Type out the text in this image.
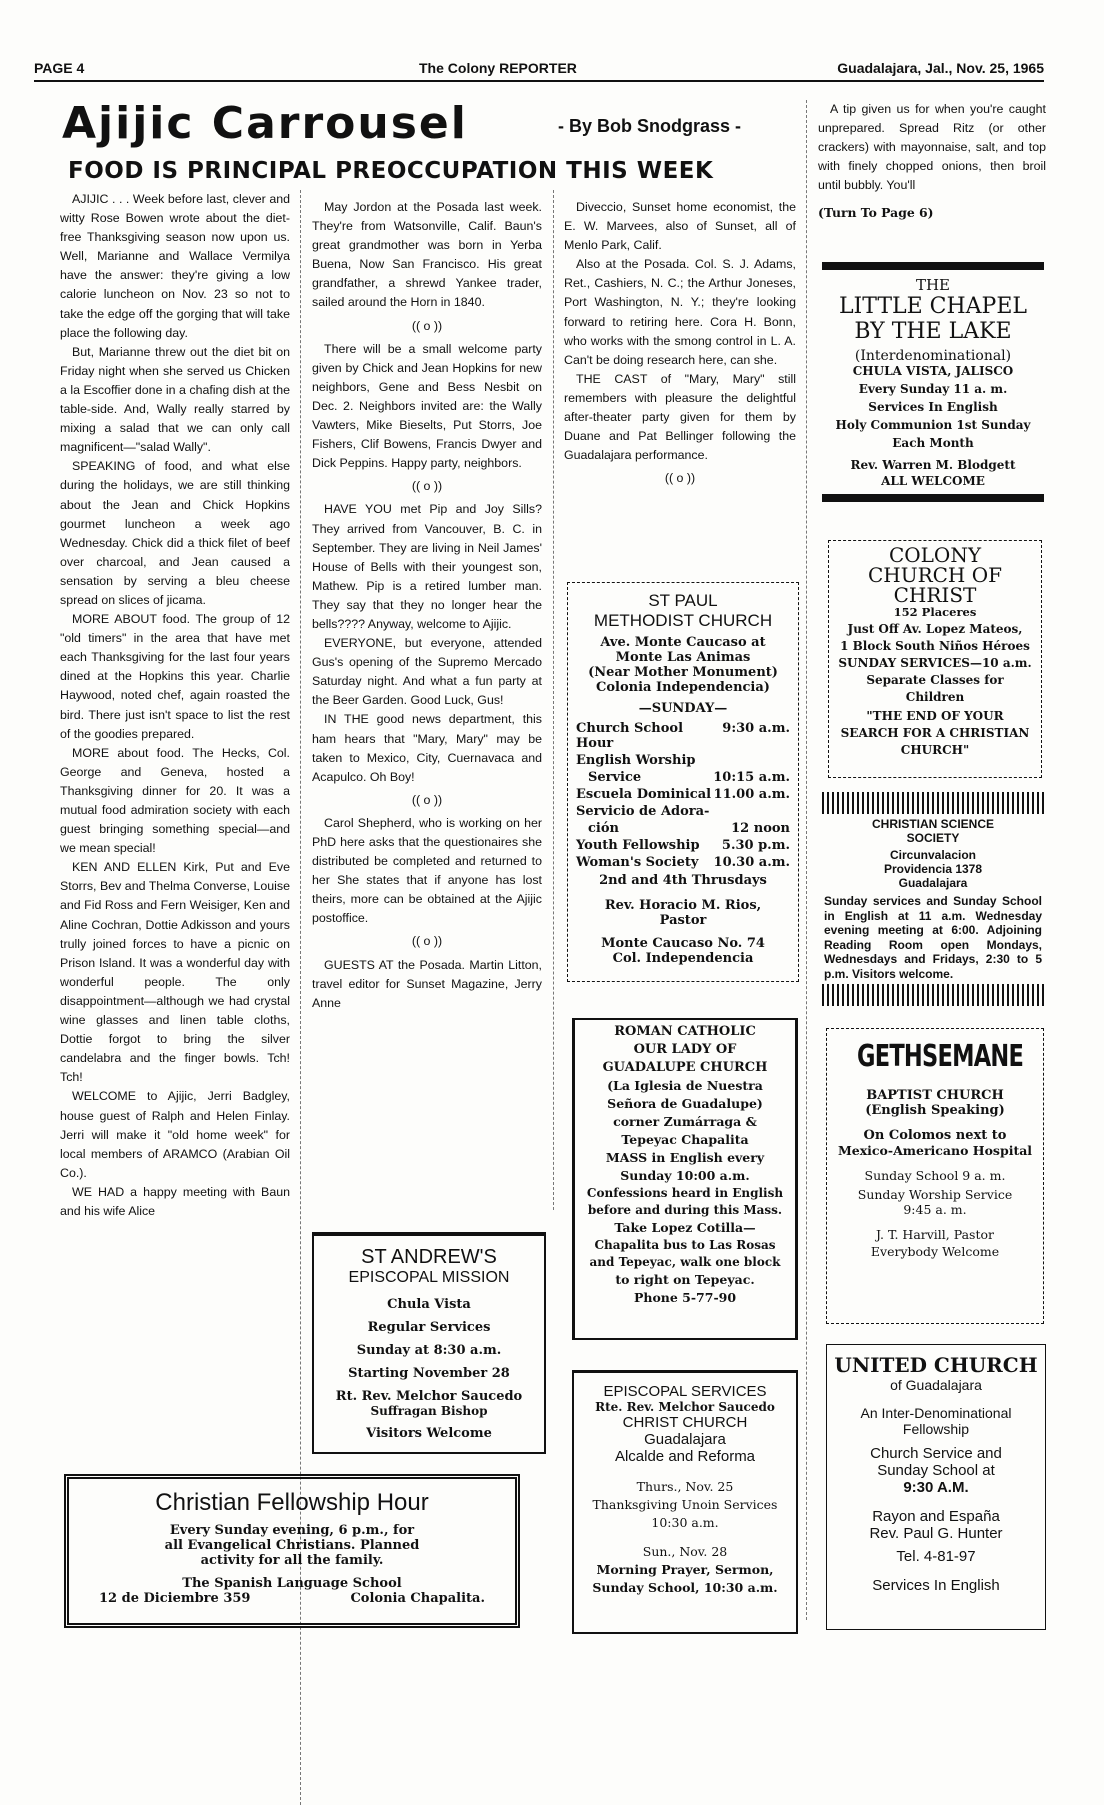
PAGE 4	The Colony REPORTER	Guadalajara, Jal., Nov. 25, 1965
Ajijic Carrousel	- By Bob Snodgrass -
FOOD IS PRINCIPAL PREOCCUPATION THIS WEEK

AJIJIC . . . Week before last, clever and witty Rose Bowen wrote about the diet-free Thanksgiving season now upon us. Well, Marianne and Wallace Vermilya have the answer: they're giving a low calorie luncheon on Nov. 23 so not to take the edge off the gorging that will take place the following day.

But, Marianne threw out the diet bit on Friday night when she served us Chicken a la Escoffier done in a chafing dish at the table-side. And, Wally really starred by mixing a salad that we can only call magnificent—"salad Wally".

SPEAKING of food, and what else during the holidays, we are still thinking about the Jean and Chick Hopkins gourmet luncheon a week ago Wednesday. Chick did a thick filet of beef over charcoal, and Jean caused a sensation by serving a bleu cheese spread on slices of jicama.

MORE ABOUT food. The group of 12 "old timers" in the area that have met each Thanksgiving for the last four years dined at the Hopkins this year. Charlie Haywood, noted chef, again roasted the bird. There just isn't space to list the rest of the goodies prepared.

MORE about food. The Hecks, Col. George and Geneva, hosted a Thanksgiving dinner for 20. It was a mutual food admiration society with each guest bringing something special—and we mean special!

KEN AND ELLEN Kirk, Put and Eve Storrs, Bev and Thelma Converse, Louise and Fid Ross and Fern Weisiger, Ken and Aline Cochran, Dottie Adkisson and yours trully joined forces to have a picnic on Prison Island. It was a wonderful day with wonderful people. The only disappointment—although we had crystal wine glasses and linen table cloths, Dottie forgot to bring the silver candelabra and the finger bowls. Tch! Tch!

WELCOME to Ajijic, Jerri Badgley, house guest of Ralph and Helen Finlay. Jerri will make it "old home week" for local members of ARAMCO (Arabian Oil Co.).

WE HAD a happy meeting with Baun and his wife Alice

May Jordon at the Posada last week. They're from Watsonville, Calif. Baun's great grandmother was born in Yerba Buena, Now San Francisco. His great grandfather, a shrewd Yankee trader, sailed around the Horn in 1840.

(( o ))

There will be a small welcome party given by Chick and Jean Hopkins for new neighbors, Gene and Bess Nesbit on Dec. 2. Neighbors invited are: the Wally Vawters, Mike Bieselts, Put Storrs, Joe Fishers, Clif Bowens, Francis Dwyer and Dick Peppins. Happy party, neighbors.

(( o ))

HAVE YOU met Pip and Joy Sills? They arrived from Vancouver, B. C. in September. They are living in Neil James' House of Bells with their youngest son, Mathew. Pip is a retired lumber man. They say that they no longer hear the bells???? Anyway, welcome to Ajijic.

EVERYONE, but everyone, attended Gus's opening of the Supremo Mercado Saturday night. And what a fun party at the Beer Garden. Good Luck, Gus!

IN THE good news department, this ham hears that "Mary, Mary" may be taken to Mexico, City, Cuernavaca and Acapulco. Oh Boy!

(( o ))

Carol Shepherd, who is working on her PhD here asks that the questionaires she distributed be completed and returned to her She states that if anyone has lost theirs, more can be obtained at the Ajijic postoffice.

(( o ))

GUESTS AT the Posada. Martin Litton, travel editor for Sunset Magazine, Jerry Anne

Diveccio, Sunset home economist, the E. W. Marvees, also of Sunset, all of Menlo Park, Calif.

Also at the Posada. Col. S. J. Adams, Ret., Cashiers, N. C.; the Arthur Joneses, Port Washington, N. Y.; they're looking forward to retiring here. Cora H. Bonn, who works with the smong control in L. A. Can't be doing research here, can she.

THE CAST of "Mary, Mary" still remembers with pleasure the delightful after-theater party given for them by Duane and Pat Bellinger following the Guadalajara performance.

(( o ))

A tip given us for when you're caught unprepared. Spread Ritz (or other crackers) with mayonnaise, salt, and top with finely chopped onions, then broil until bubbly. You'll

(Turn To Page 6)

ST PAUL
METHODIST CHURCH
Ave. Monte Caucaso at
Monte Las Animas
(Near Mother Monument)
Colonia Independencia)
—SUNDAY—
Church School Hour	9:30 a.m.
English Worship	
Service	10:15 a.m.
Escuela Dominical	11.00 a.m.
Servicio de Adora-	
ción	12 noon
Youth Fellowship	5.30 p.m.
Woman's Society	10.30 a.m.
2nd and 4th Thrusdays
Rev. Horacio M. Rios,
Pastor
Monte Caucaso No. 74
Col. Independencia
ST ANDREW'S
EPISCOPAL MISSION
Chula Vista
Regular Services
Sunday at 8:30 a.m.
Starting November 28
Rt. Rev. Melchor Saucedo
Suffragan Bishop
Visitors Welcome
ROMAN CATHOLIC
OUR LADY OF
GUADALUPE CHURCH
(La Iglesia de Nuestra
Señora de Guadalupe)
corner Zumárraga &
Tepeyac Chapalita
MASS in English every
Sunday 10:00 a.m.
Confessions heard in English
before and during this Mass.
Take Lopez Cotilla—
Chapalita bus to Las Rosas
and Tepeyac, walk one block
to right on Tepeyac.
Phone 5-77-90
EPISCOPAL SERVICES
Rte. Rev. Melchor Saucedo
CHRIST CHURCH
Guadalajara
Alcalde and Reforma
Thurs., Nov. 25
Thanksgiving Unoin Services
10:30 a.m.
Sun., Nov. 28
Morning Prayer, Sermon,
Sunday School, 10:30 a.m.
Christian Fellowship Hour
Every Sunday evening, 6 p.m., for
all Evangelical Christians. Planned
activity for all the family.
The Spanish Language School
12 de Diciembre 359	Colonia Chapalita.
THE
LITTLE CHAPEL
BY THE LAKE
(Interdenominational)
CHULA VISTA, JALISCO
Every Sunday 11 a. m.
Services In English
Holy Communion 1st Sunday
Each Month
Rev. Warren M. Blodgett
ALL WELCOME
COLONY
CHURCH OF
CHRIST
152 Placeres
Just Off Av. Lopez Mateos,
1 Block South Niños Héroes
SUNDAY SERVICES—10 a.m.
Separate Classes for
Children
"THE END OF YOUR
SEARCH FOR A CHRISTIAN
CHURCH"
CHRISTIAN SCIENCE
SOCIETY
Circunvalacion
Providencia 1378
Guadalajara
Sunday services and Sunday School in English at 11 a.m. Wednesday evening meeting at 6:00. Adjoining Reading Room open Mondays, Wednesdays and Fridays, 2:30 to 5 p.m. Visitors welcome.
GETHSEMANE
BAPTIST CHURCH
(English Speaking)
On Colomos next to
Mexico-Americano Hospital
Sunday School 9 a. m.
Sunday Worship Service
9:45 a. m.
J. T. Harvill, Pastor
Everybody Welcome
UNITED CHURCH
of Guadalajara
An Inter-Denominational
Fellowship
Church Service and
Sunday School at
9:30 A.M.
Rayon and España
Rev. Paul G. Hunter
Tel. 4-81-97
Services In English
